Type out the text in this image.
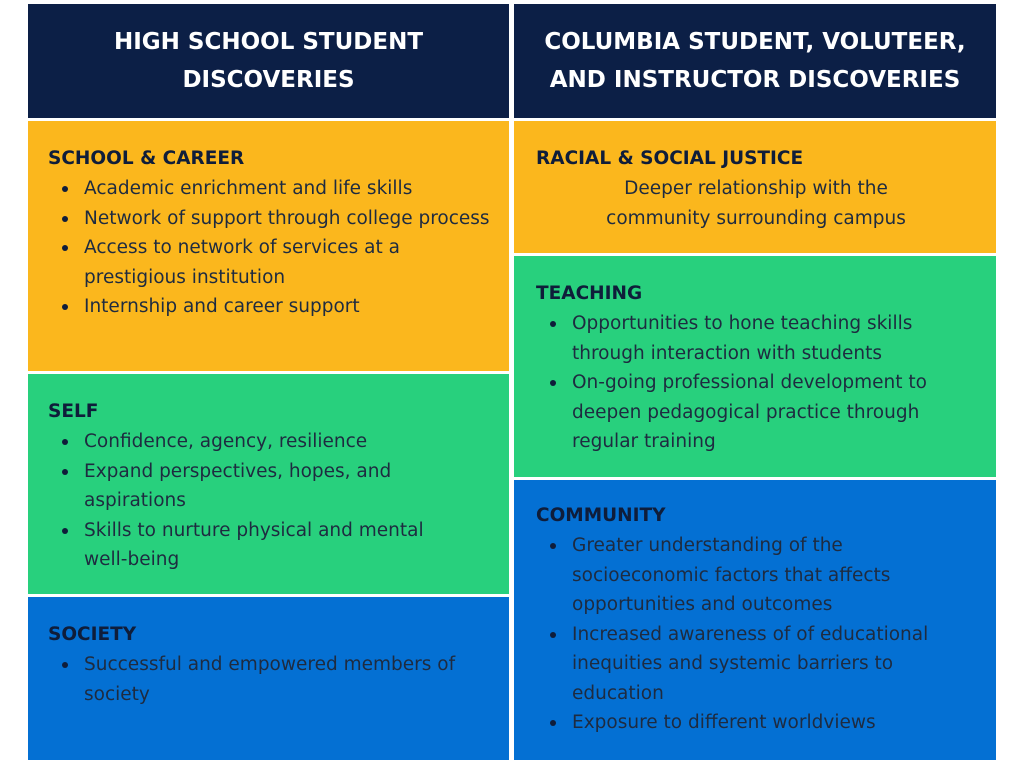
HIGH SCHOOL STUDENT DISCOVERIES
SCHOOL & CAREER
Academic enrichment and life skills
Network of support through college process
Access to network of services at a prestigious institution
Internship and career support
SELF
Confidence, agency, resilience
Expand perspectives, hopes, and aspirations
Skills to nurture physical and mental well-being
SOCIETY
Successful and empowered members of society
COLUMBIA STUDENT, VOLUTEER, AND INSTRUCTOR DISCOVERIES
RACIAL & SOCIAL JUSTICE
Deeper relationship with the community surrounding campus
TEACHING
Opportunities to hone teaching skills through interaction with students
On-going professional development to deepen pedagogical practice through regular training
COMMUNITY
Greater understanding of the socioeconomic factors that affects opportunities and outcomes
Increased awareness of of educational inequities and systemic barriers to education
Exposure to different worldviews
